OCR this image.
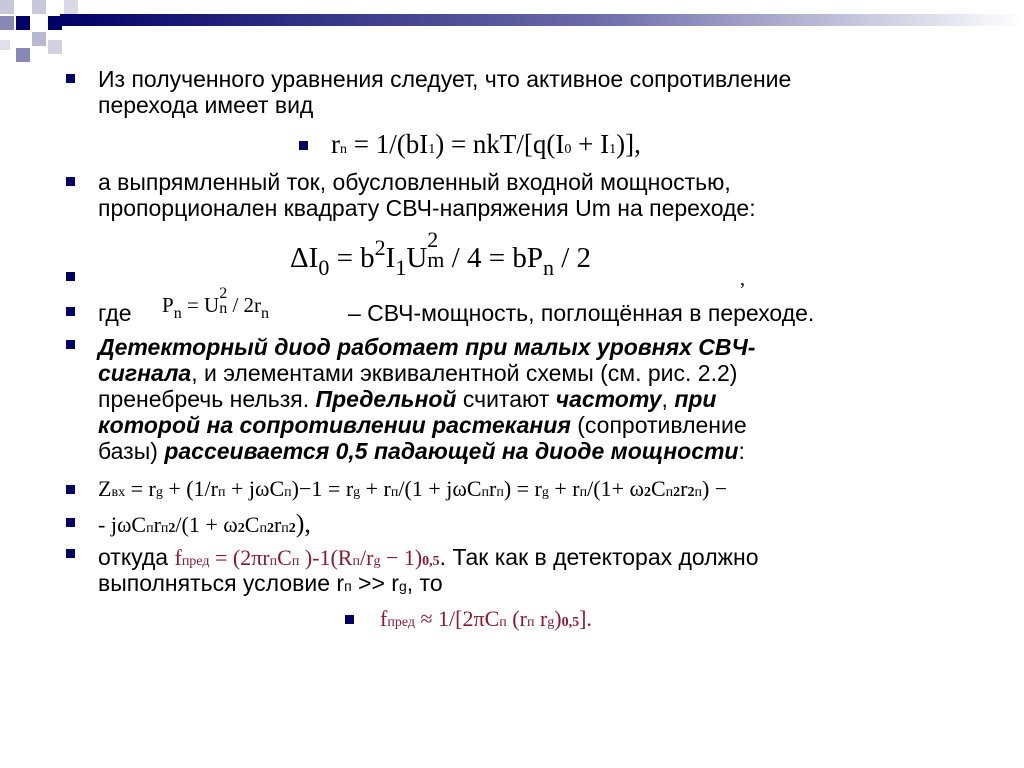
Из полученного уравнения следует, что активное сопротивление
перехода имеет вид
rn = 1/(bI1) = nkT/[q(I0 + I1)],
а выпрямленный ток, обусловленный входной мощностью,
пропорционален квадрату СВЧ-напряжения Um на переходе:
$\Delta I_0 = b^2I_1U$
2
$m / 4 = bP_n / 2$
,
где $P_n = U$ 2
n / $2r_n$	– СВЧ-мощность, поглощённая в переходе.
Детекторный диод работает при малых уровнях СВЧ-
сигнала, и элементами эквивалентной схемы (см. рис. 2.2)
пренебречь нельзя. Предельной считают частоту, при
которой на сопротивлении растекания (сопротивление
базы) рассеивается 0,5 падающей на диоде мощности:
Zвх = rg + (1/rп + jωCп)−1 = rg + rп/(1 + jωCпrп) = rg + rп/(1+ ω2Cп2r2п) −
- jωCпrп2/(1 + ω2Cп2rп2),
откуда fпред = (2πrпCп )-1(Rп/rg − 1)0,5. Так как в детекторах должно
выполняться условие rп >> rg, то
fпред ≈ 1/[2πCп (rп rg)0,5].
